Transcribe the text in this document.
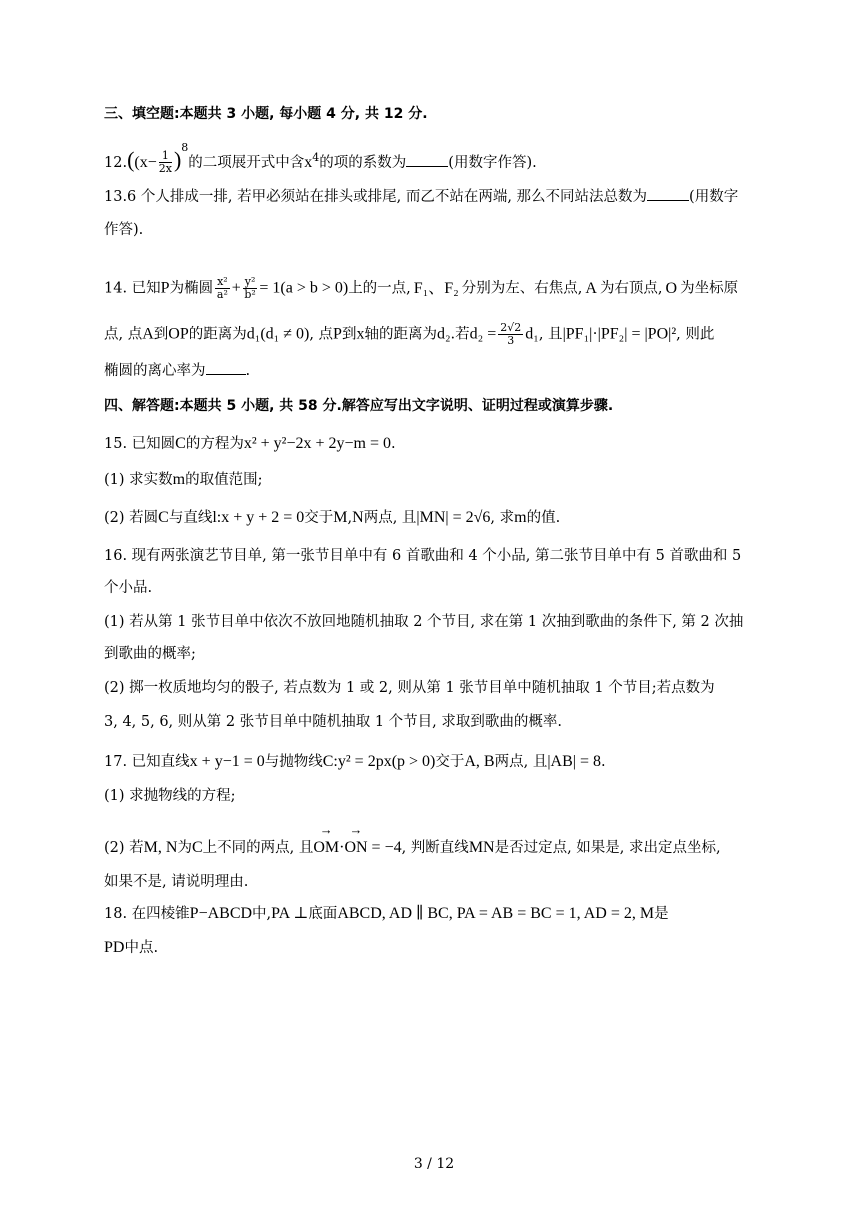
三、填空题:本题共 3 小题, 每小题 4 分, 共 12 分.
$12.((x- \frac{1}{2x} )^8$的二项展开式中含$x^4$的项的系数为	(用数字作答).
13.6 个人排成一排, 若甲必须站在排头或排尾, 而乙不站在两端, 那么不同站法总数为	(用数字
作答).
14. 已知P为椭圆 $\frac{\text{x²}}{\text{a²}} + \frac{\text{y²}}{\text{b²}} = 1(a > b > 0)$上的一点, F₁、F₂ 分别为左、右焦点, A 为右顶点, O 为坐标原
点, 点A到OP的距离为d₁(d₁ ≠ 0), 点P到x轴的距离为d₂.若$d_2 = \frac{2√2}{3} d_1$, 且|PF₁|·|PF₂| = |PO|², 则此
椭圆的离心率为	.
四、解答题:本题共 5 小题, 共 58 分.解答应写出文字说明、证明过程或演算步骤.
15. 已知圆C的方程为x² + y²−2x + 2y−m = 0.
(1) 求实数m的取值范围;
(2) 若圆C与直线l:x + y + 2 = 0交于M,N两点, 且|MN| = 2√6, 求m的值.
16. 现有两张演艺节目单, 第一张节目单中有 6 首歌曲和 4 个小品, 第二张节目单中有 5 首歌曲和 5
个小品.
(1) 若从第 1 张节目单中依次不放回地随机抽取 2 个节目, 求在第 1 次抽到歌曲的条件下, 第 2 次抽
到歌曲的概率;
(2) 掷一枚质地均匀的骰子, 若点数为 1 或 2, 则从第 1 张节目单中随机抽取 1 个节目;若点数为
3, 4, 5, 6, 则从第 2 张节目单中随机抽取 1 个节目, 求取到歌曲的概率.
17. 已知直线x + y−1 = 0与抛物线C:y² = 2px(p > 0)交于A, B两点, 且|AB| = 8.
(1) 求抛物线的方程;
(2) 若M, N为C上不同的两点, 且→ OM·→ ON = −4, 判断直线MN是否过定点, 如果是, 求出定点坐标,
如果不是, 请说明理由.
18. 在四棱锥P−ABCD中,PA ⊥底面ABCD, AD ∥ BC, PA = AB = BC = 1, AD = 2, M是
PD中点.
3 / 12
